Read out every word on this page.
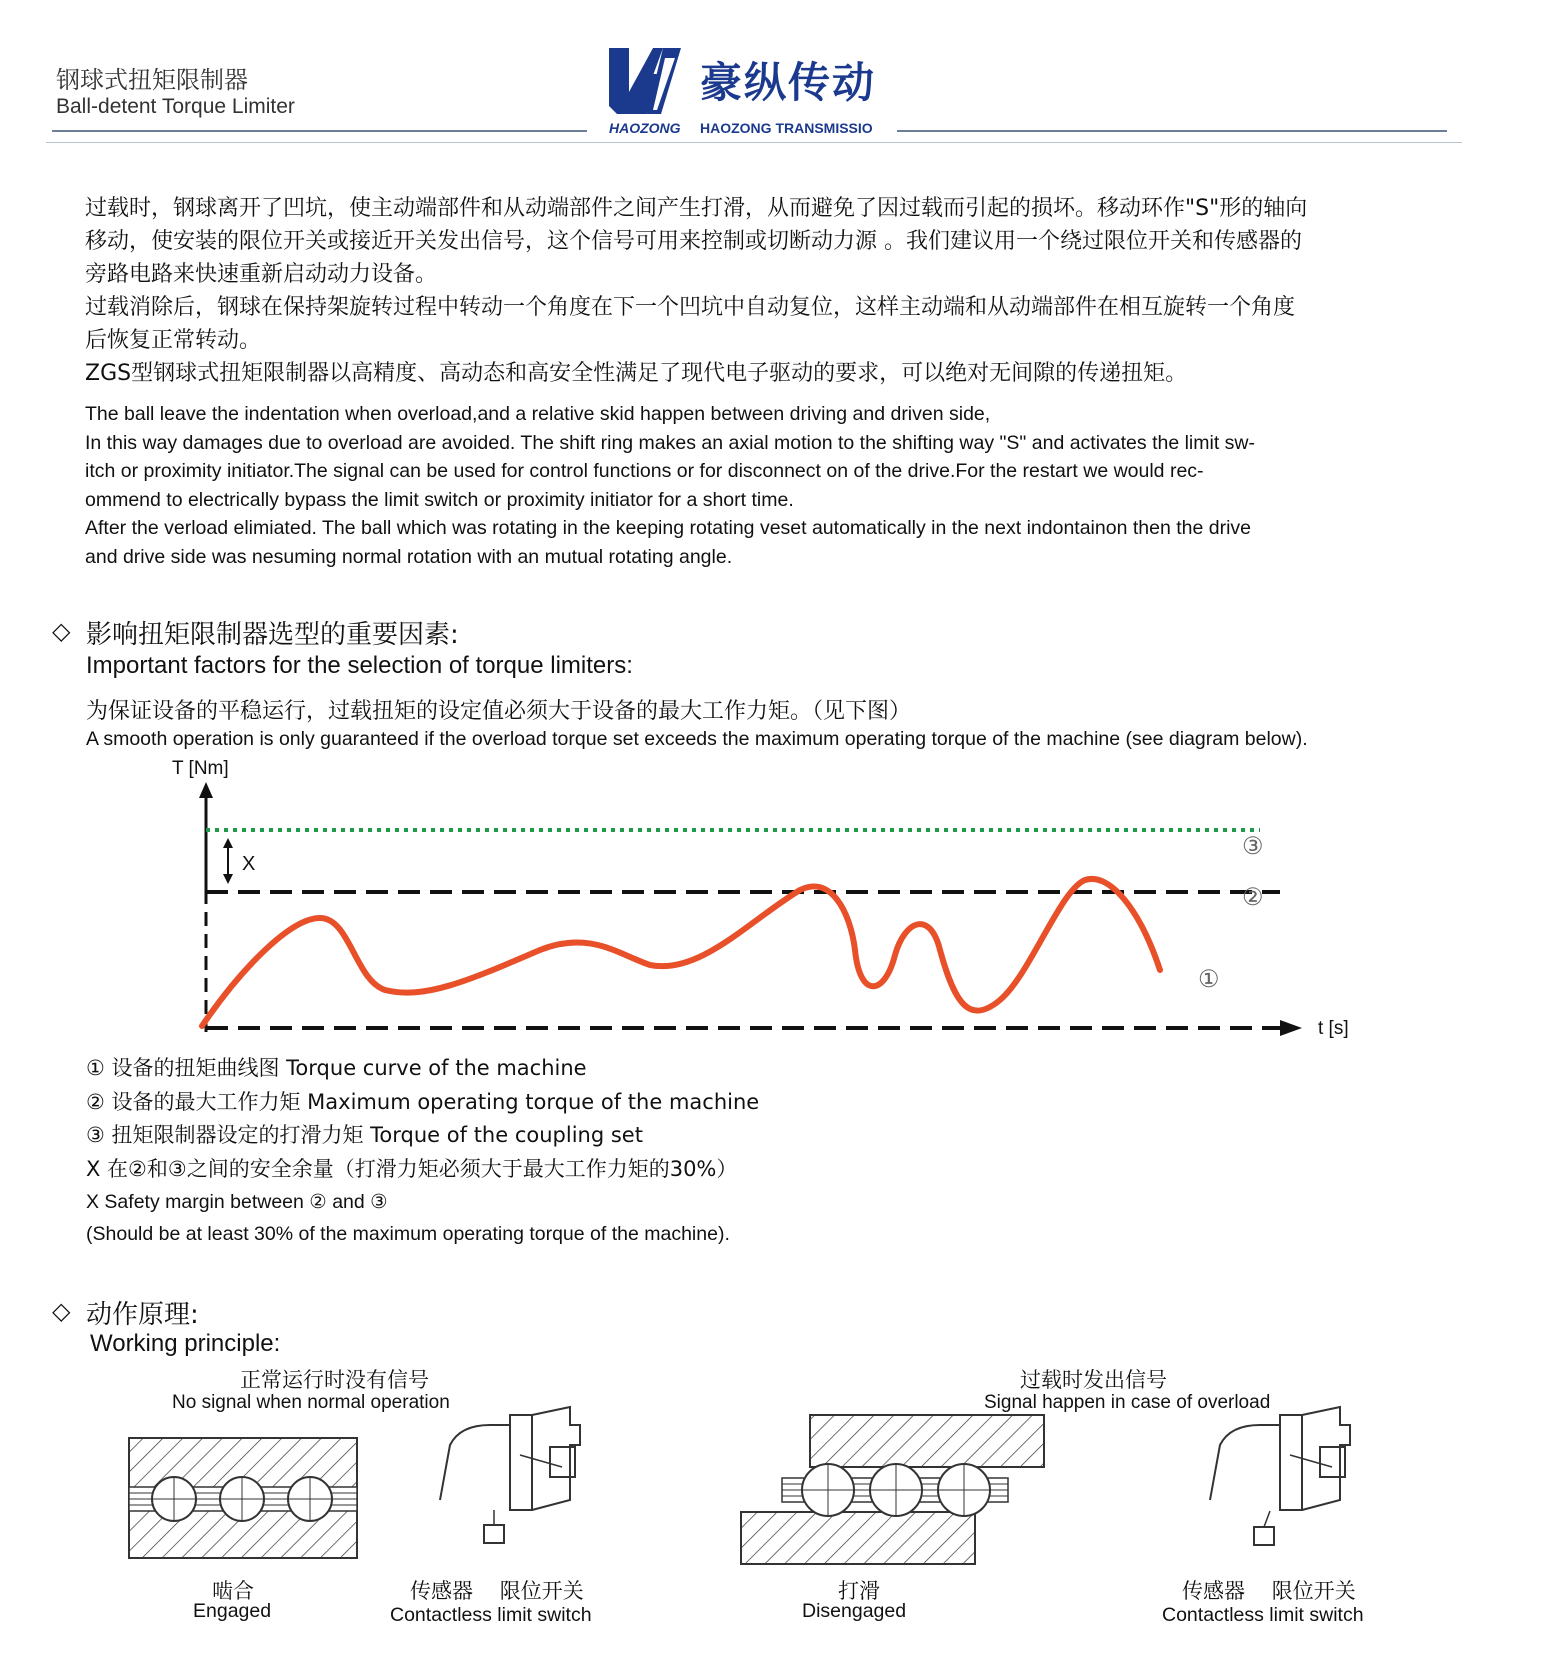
钢球式扭矩限制器
Ball-detent Torque Limiter	豪纵传动
HAOZONG HAOZONG TRANSMISSIO
过载时，钢球离开了凹坑，使主动端部件和从动端部件之间产生打滑，从而避免了因过载而引起的损坏。移动环作"S"形的轴向
移动，使安装的限位开关或接近开关发出信号，这个信号可用来控制或切断动力源 。我们建议用一个绕过限位开关和传感器的
旁路电路来快速重新启动动力设备。
过载消除后，钢球在保持架旋转过程中转动一个角度在下一个凹坑中自动复位，这样主动端和从动端部件在相互旋转一个角度
后恢复正常转动。
ZGS型钢球式扭矩限制器以高精度、高动态和高安全性满足了现代电子驱动的要求，可以绝对无间隙的传递扭矩。
The ball leave the indentation when overload,and a relative skid happen between driving and driven side,
In this way damages due to overload are avoided. The shift ring makes an axial motion to the shifting way "S" and activates the limit sw-
itch or proximity initiator.The signal can be used for control functions or for disconnect on of the drive.For the restart we would rec-
ommend to electrically bypass the limit switch or proximity initiator for a short time.
After the verload elimiated. The ball which was rotating in the keeping rotating veset automatically in the next indontainon then the drive
and drive side was nesuming normal rotation with an mutual rotating angle.
◇ 影响扭矩限制器选型的重要因素:
Important factors for the selection of torque limiters:
为保证设备的平稳运行，过载扭矩的设定值必须大于设备的最大工作力矩。（见下图）
A smooth operation is only guaranteed if the overload torque set exceeds the maximum operating torque of the machine (see diagram below).
T [Nm]
X
t [s]
③
②
①
① 设备的扭矩曲线图 Torque curve of the machine
② 设备的最大工作力矩 Maximum operating torque of the machine
③ 扭矩限制器设定的打滑力矩 Torque of the coupling set
X 在②和③之间的安全余量（打滑力矩必须大于最大工作力矩的30%）
X Safety margin between ② and ③
(Should be at least 30% of the maximum operating torque of the machine).
◇ 动作原理:
Working principle:
正常运行时没有信号
No signal when normal operation
过载时发出信号
Signal happen in case of overload
啮合
Engaged
传感器    限位开关
Contactless limit switch
打滑
Disengaged
传感器    限位开关
Contactless limit switch
